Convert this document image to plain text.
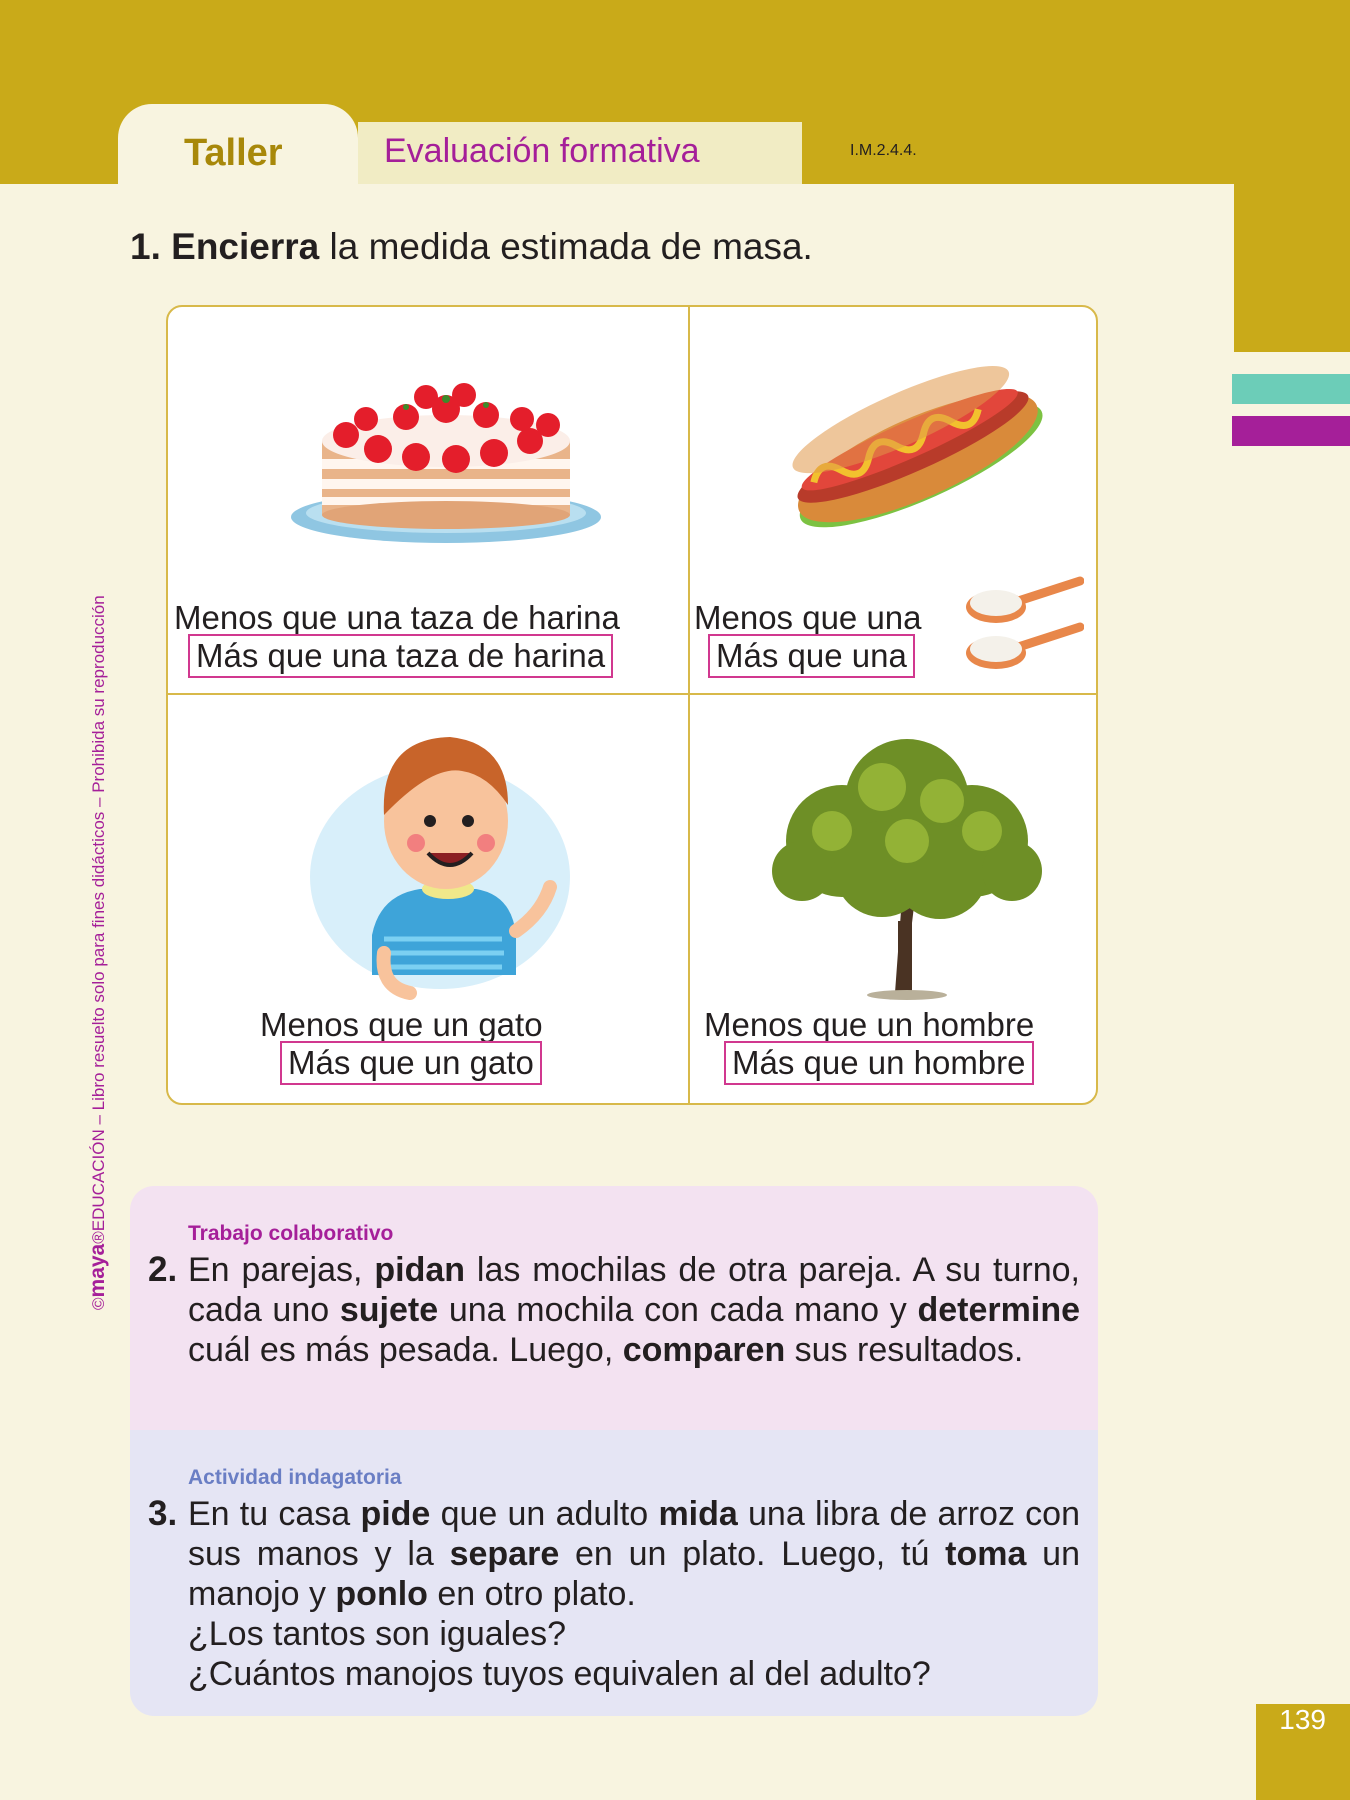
Taller	Evaluación formativa	I.M.2.4.4.
©maya®EDUCACIÓN – Libro resuelto solo para fines didácticos – Prohibida su reproducción
1. Encierra la medida estimada de masa.
Menos que una taza de harina
Más que una taza de harina
Menos que una
Más que una
Menos que un gato
Más que un gato
Menos que un hombre
Más que un hombre
Trabajo colaborativo
2. En parejas, pidan las mochilas de otra pareja. A su turno, cada uno sujete una mochila con cada mano y determine cuál es más pesada. Luego, comparen sus resultados.
Actividad indagatoria
3. En tu casa pide que un adulto mida una libra de arroz con sus manos y la separe en un plato. Luego, tú toma un manojo y ponlo en otro plato.
¿Los tantos son iguales?
¿Cuántos manojos tuyos equivalen al del adulto?
139
